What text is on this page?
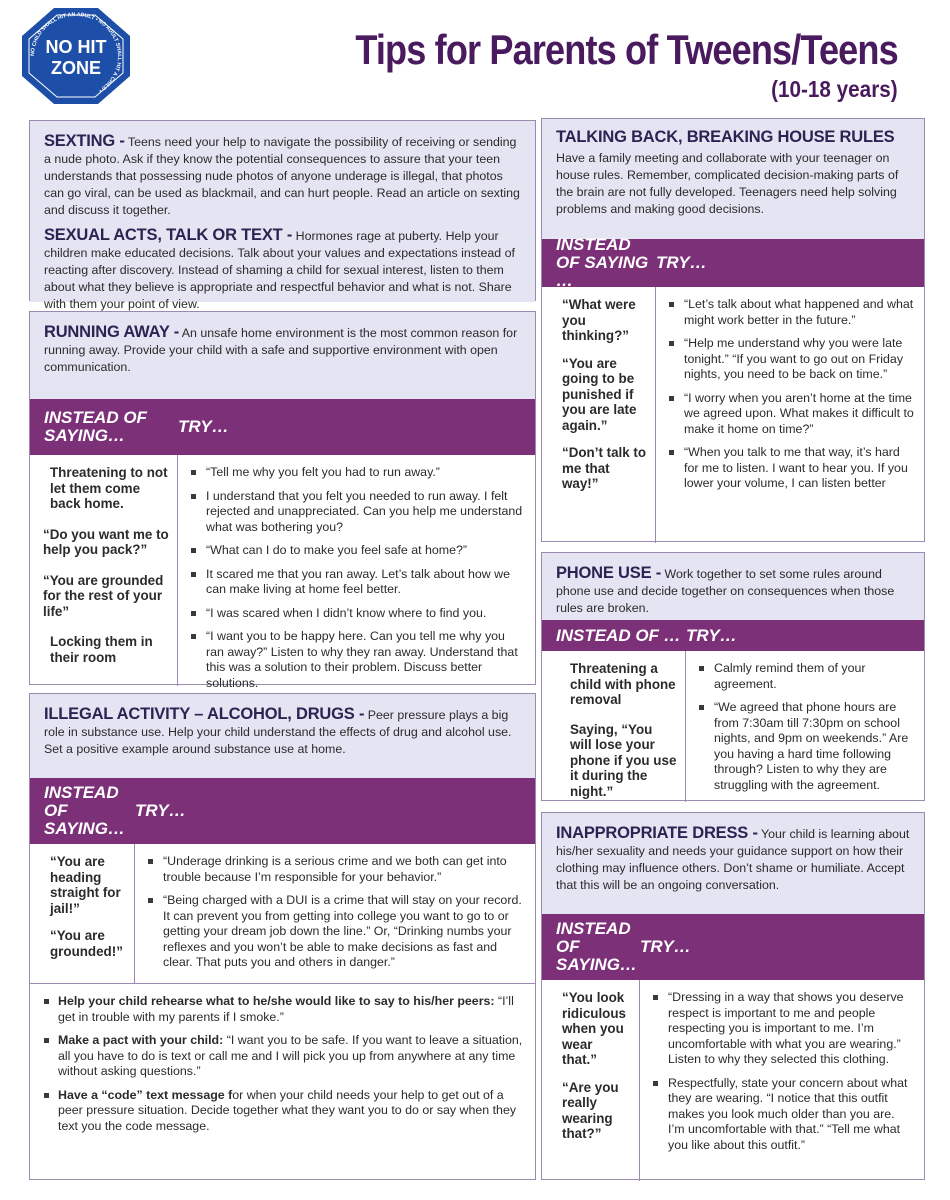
NO CHILD SHALL HIT AN ADULT • NO ADULT SHALL HIT A CHILD •
NO HIT
ZONE	Tips for Parents of Tweens/Teens
(10-18 years)

SEXTING - Teens need your help to navigate the possibility of receiving or sending a nude photo. Ask if they know the potential consequences to assure that your teen understands that possessing nude photos of anyone underage is illegal, that photos can go viral, can be used as blackmail, and can hurt people. Read an article on sexting and discuss it together.

SEXUAL ACTS, TALK OR TEXT - Hormones rage at puberty. Help your children make educated decisions. Talk about your values and expectations instead of reacting after discovery. Instead of shaming a child for sexual interest, listen to them about what they believe is appropriate and respectful behavior and what is not. Share with them your point of view.

RUNNING AWAY - An unsafe home environment is the most common reason for running away. Provide your child with a safe and supportive environment with open communication.

INSTEAD OF SAYING…	TRY…
Threatening to not let them come back home.
“Do you want me to help you pack?”
“You are grounded for the rest of your life”
Locking them in their room
“Tell me why you felt you had to run away.”
I understand that you felt you needed to run away. I felt rejected and unappreciated. Can you help me understand what was bothering you?
“What can I do to make you feel safe at home?”
It scared me that you ran away. Let’s talk about how we can make living at home feel better.
“I was scared when I didn’t know where to find you.
“I want you to be happy here. Can you tell me why you ran away?” Listen to why they ran away. Understand that this was a solution to their problem. Discuss better solutions.

ILLEGAL ACTIVITY – ALCOHOL, DRUGS - Peer pressure plays a big role in substance use. Help your child understand the effects of drug and alcohol use. Set a positive example around substance use at home.

INSTEAD OF SAYING…
TRY…
“You are heading straight for jail!”
“You are grounded!”
“Underage drinking is a serious crime and we both can get into trouble because I’m responsible for your behavior.”
“Being charged with a DUI is a crime that will stay on your record. It can prevent you from getting into college you want to go to or getting your dream job down the line.” Or, “Drinking numbs your reflexes and you won’t be able to make decisions as fast and clear. That puts you and others in danger.”
Help your child rehearse what to he/she would like to say to his/her peers: “I’ll get in trouble with my parents if I smoke.”
Make a pact with your child: “I want you to be safe. If you want to leave a situation, all you have to do is text or call me and I will pick you up from anywhere at any time without asking questions.”
Have a “code” text message for when your child needs your help to get out of a peer pressure situation. Decide together what they want you to do or say when they text you the code message.
TALKING BACK, BREAKING HOUSE RULES

Have a family meeting and collaborate with your teenager on house rules. Remember, complicated decision-making parts of the brain are not fully developed. Teenagers need help solving problems and making good decisions.

INSTEAD OF SAYING …
TRY…
“What were you thinking?”
“You are going to be punished if you are late again.”
“Don’t talk to me that way!”
“Let’s talk about what happened and what might work better in the future.”
“Help me understand why you were late tonight.” “If you want to go out on Friday nights, you need to be back on time.”
“I worry when you aren’t home at the time we agreed upon. What makes it difficult to make it home on time?”
“When you talk to me that way, it’s hard for me to listen. I want to hear you. If you lower your volume, I can listen better

PHONE USE - Work together to set some rules around phone use and decide together on consequences when those rules are broken.

INSTEAD OF … TRY…
Threatening a child with phone removal
Saying, “You will lose your phone if you use it during the night.”
Calmly remind them of your agreement.
“We agreed that phone hours are from 7:30am till 7:30pm on school nights, and 9pm on weekends.” Are you having a hard time following through? Listen to why they are struggling with the agreement.

INAPPROPRIATE DRESS - Your child is learning about his/her sexuality and needs your guidance support on how their clothing may influence others. Don’t shame or humiliate. Accept that this will be an ongoing conversation.

INSTEAD OF SAYING…
TRY…
“You look ridiculous when you wear that.”
“Are you really wearing that?”
“Dressing in a way that shows you deserve respect is important to me and people respecting you is important to me. I’m uncomfortable with what you are wearing.” Listen to why they selected this clothing.
Respectfully, state your concern about what they are wearing. “I notice that this outfit makes you look much older than you are. I’m uncomfortable with that.” “Tell me what you like about this outfit.”
